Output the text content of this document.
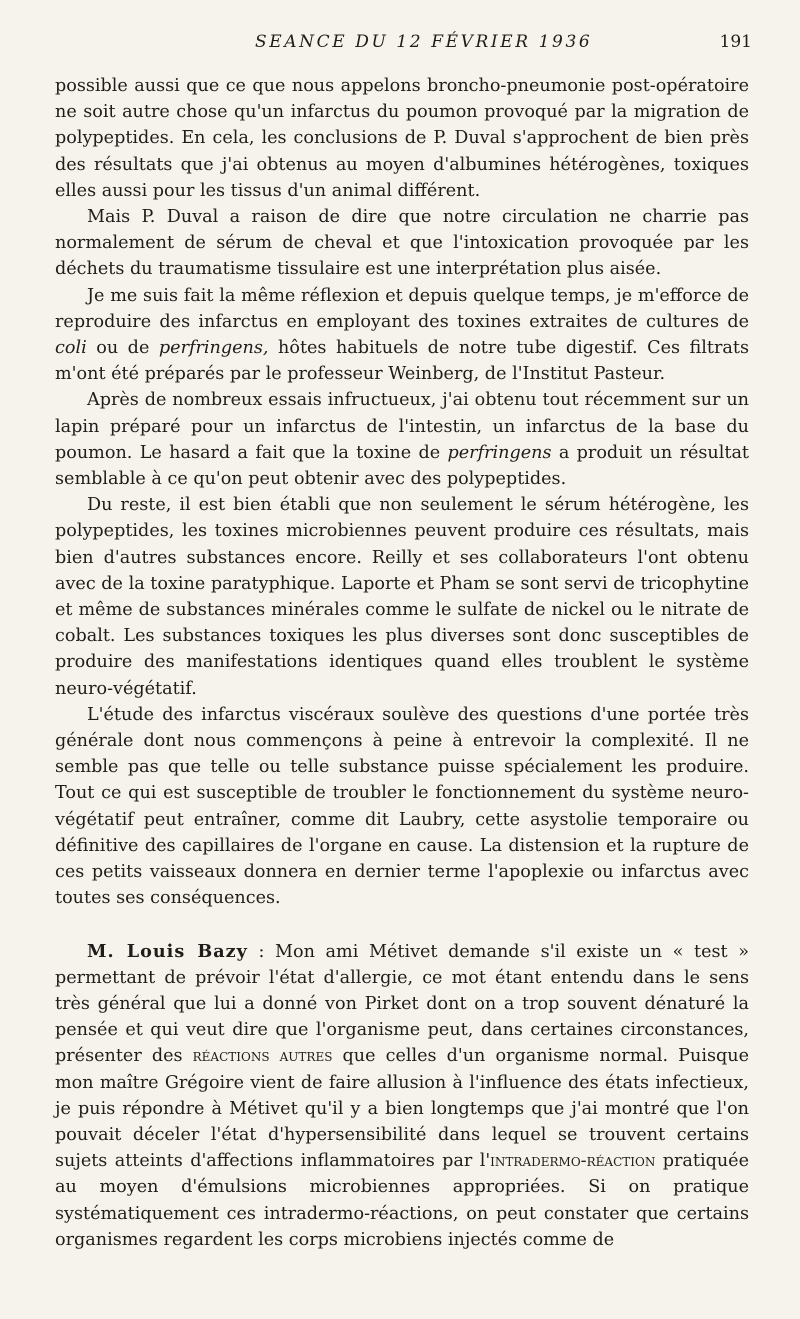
SEANCE DU 12 FÉVRIER 1936	191

possible aussi que ce que nous appelons broncho-pneumonie post-opératoire ne soit autre chose qu'un infarctus du poumon provoqué par la migration de polypeptides. En cela, les conclusions de P. Duval s'approchent de bien près des résultats que j'ai obtenus au moyen d'albumines hétérogènes, toxiques elles aussi pour les tissus d'un animal différent.

Mais P. Duval a raison de dire que notre circulation ne charrie pas normalement de sérum de cheval et que l'intoxication provoquée par les déchets du traumatisme tissulaire est une interprétation plus aisée.

Je me suis fait la même réflexion et depuis quelque temps, je m'efforce de reproduire des infarctus en employant des toxines extraites de cultures de coli ou de perfringens, hôtes habituels de notre tube digestif. Ces filtrats m'ont été préparés par le professeur Weinberg, de l'Institut Pasteur.

Après de nombreux essais infructueux, j'ai obtenu tout récemment sur un lapin préparé pour un infarctus de l'intestin, un infarctus de la base du poumon. Le hasard a fait que la toxine de perfringens a produit un résultat semblable à ce qu'on peut obtenir avec des polypeptides.

Du reste, il est bien établi que non seulement le sérum hétérogène, les polypeptides, les toxines microbiennes peuvent produire ces résultats, mais bien d'autres substances encore. Reilly et ses collaborateurs l'ont obtenu avec de la toxine paratyphique. Laporte et Pham se sont servi de tricophytine et même de substances minérales comme le sulfate de nickel ou le nitrate de cobalt. Les substances toxiques les plus diverses sont donc susceptibles de produire des manifestations identiques quand elles troublent le système neuro-végétatif.

L'étude des infarctus viscéraux soulève des questions d'une portée très générale dont nous commençons à peine à entrevoir la complexité. Il ne semble pas que telle ou telle substance puisse spécialement les produire. Tout ce qui est susceptible de troubler le fonctionnement du système neuro-végétatif peut entraîner, comme dit Laubry, cette asystolie temporaire ou définitive des capillaires de l'organe en cause. La distension et la rupture de ces petits vaisseaux donnera en dernier terme l'apoplexie ou infarctus avec toutes ses conséquences.

M. Louis Bazy : Mon ami Métivet demande s'il existe un « test » permettant de prévoir l'état d'allergie, ce mot étant entendu dans le sens très général que lui a donné von Pirket dont on a trop souvent dénaturé la pensée et qui veut dire que l'organisme peut, dans certaines circonstances, présenter des réactions autres que celles d'un organisme normal. Puisque mon maître Grégoire vient de faire allusion à l'influence des états infectieux, je puis répondre à Métivet qu'il y a bien longtemps que j'ai montré que l'on pouvait déceler l'état d'hypersensibilité dans lequel se trouvent certains sujets atteints d'affections inflammatoires par l'intradermo-réaction pratiquée au moyen d'émulsions microbiennes appropriées. Si on pratique systématiquement ces intradermo-réactions, on peut constater que certains organismes regardent les corps microbiens injectés comme de
